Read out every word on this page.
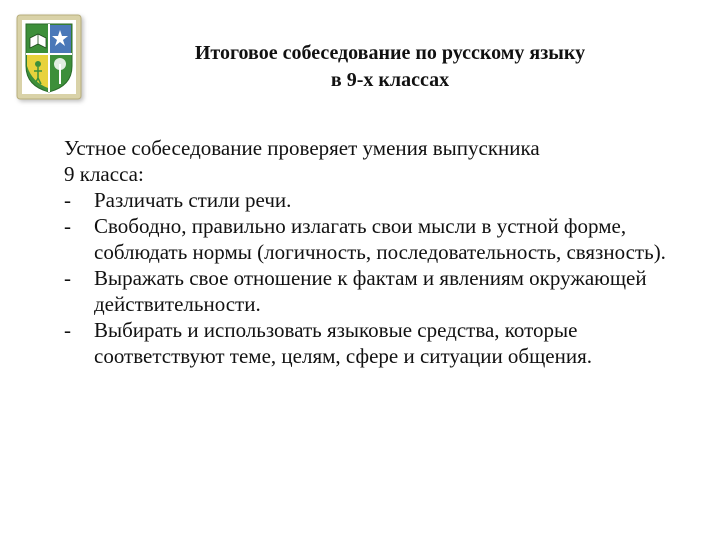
Итоговое собеседование по русскому языку
в 9-х классах
Устное собеседование проверяет умения выпускника
9 класса:
- Различать стили речи.
- Свободно, правильно излагать свои мысли в устной форме, соблюдать нормы (логичность, последовательность, связность).
- Выражать свое отношение к фактам и явлениям окружающей действительности.
- Выбирать и использовать языковые средства, которые соответствуют теме, целям, сфере и ситуации общения.
